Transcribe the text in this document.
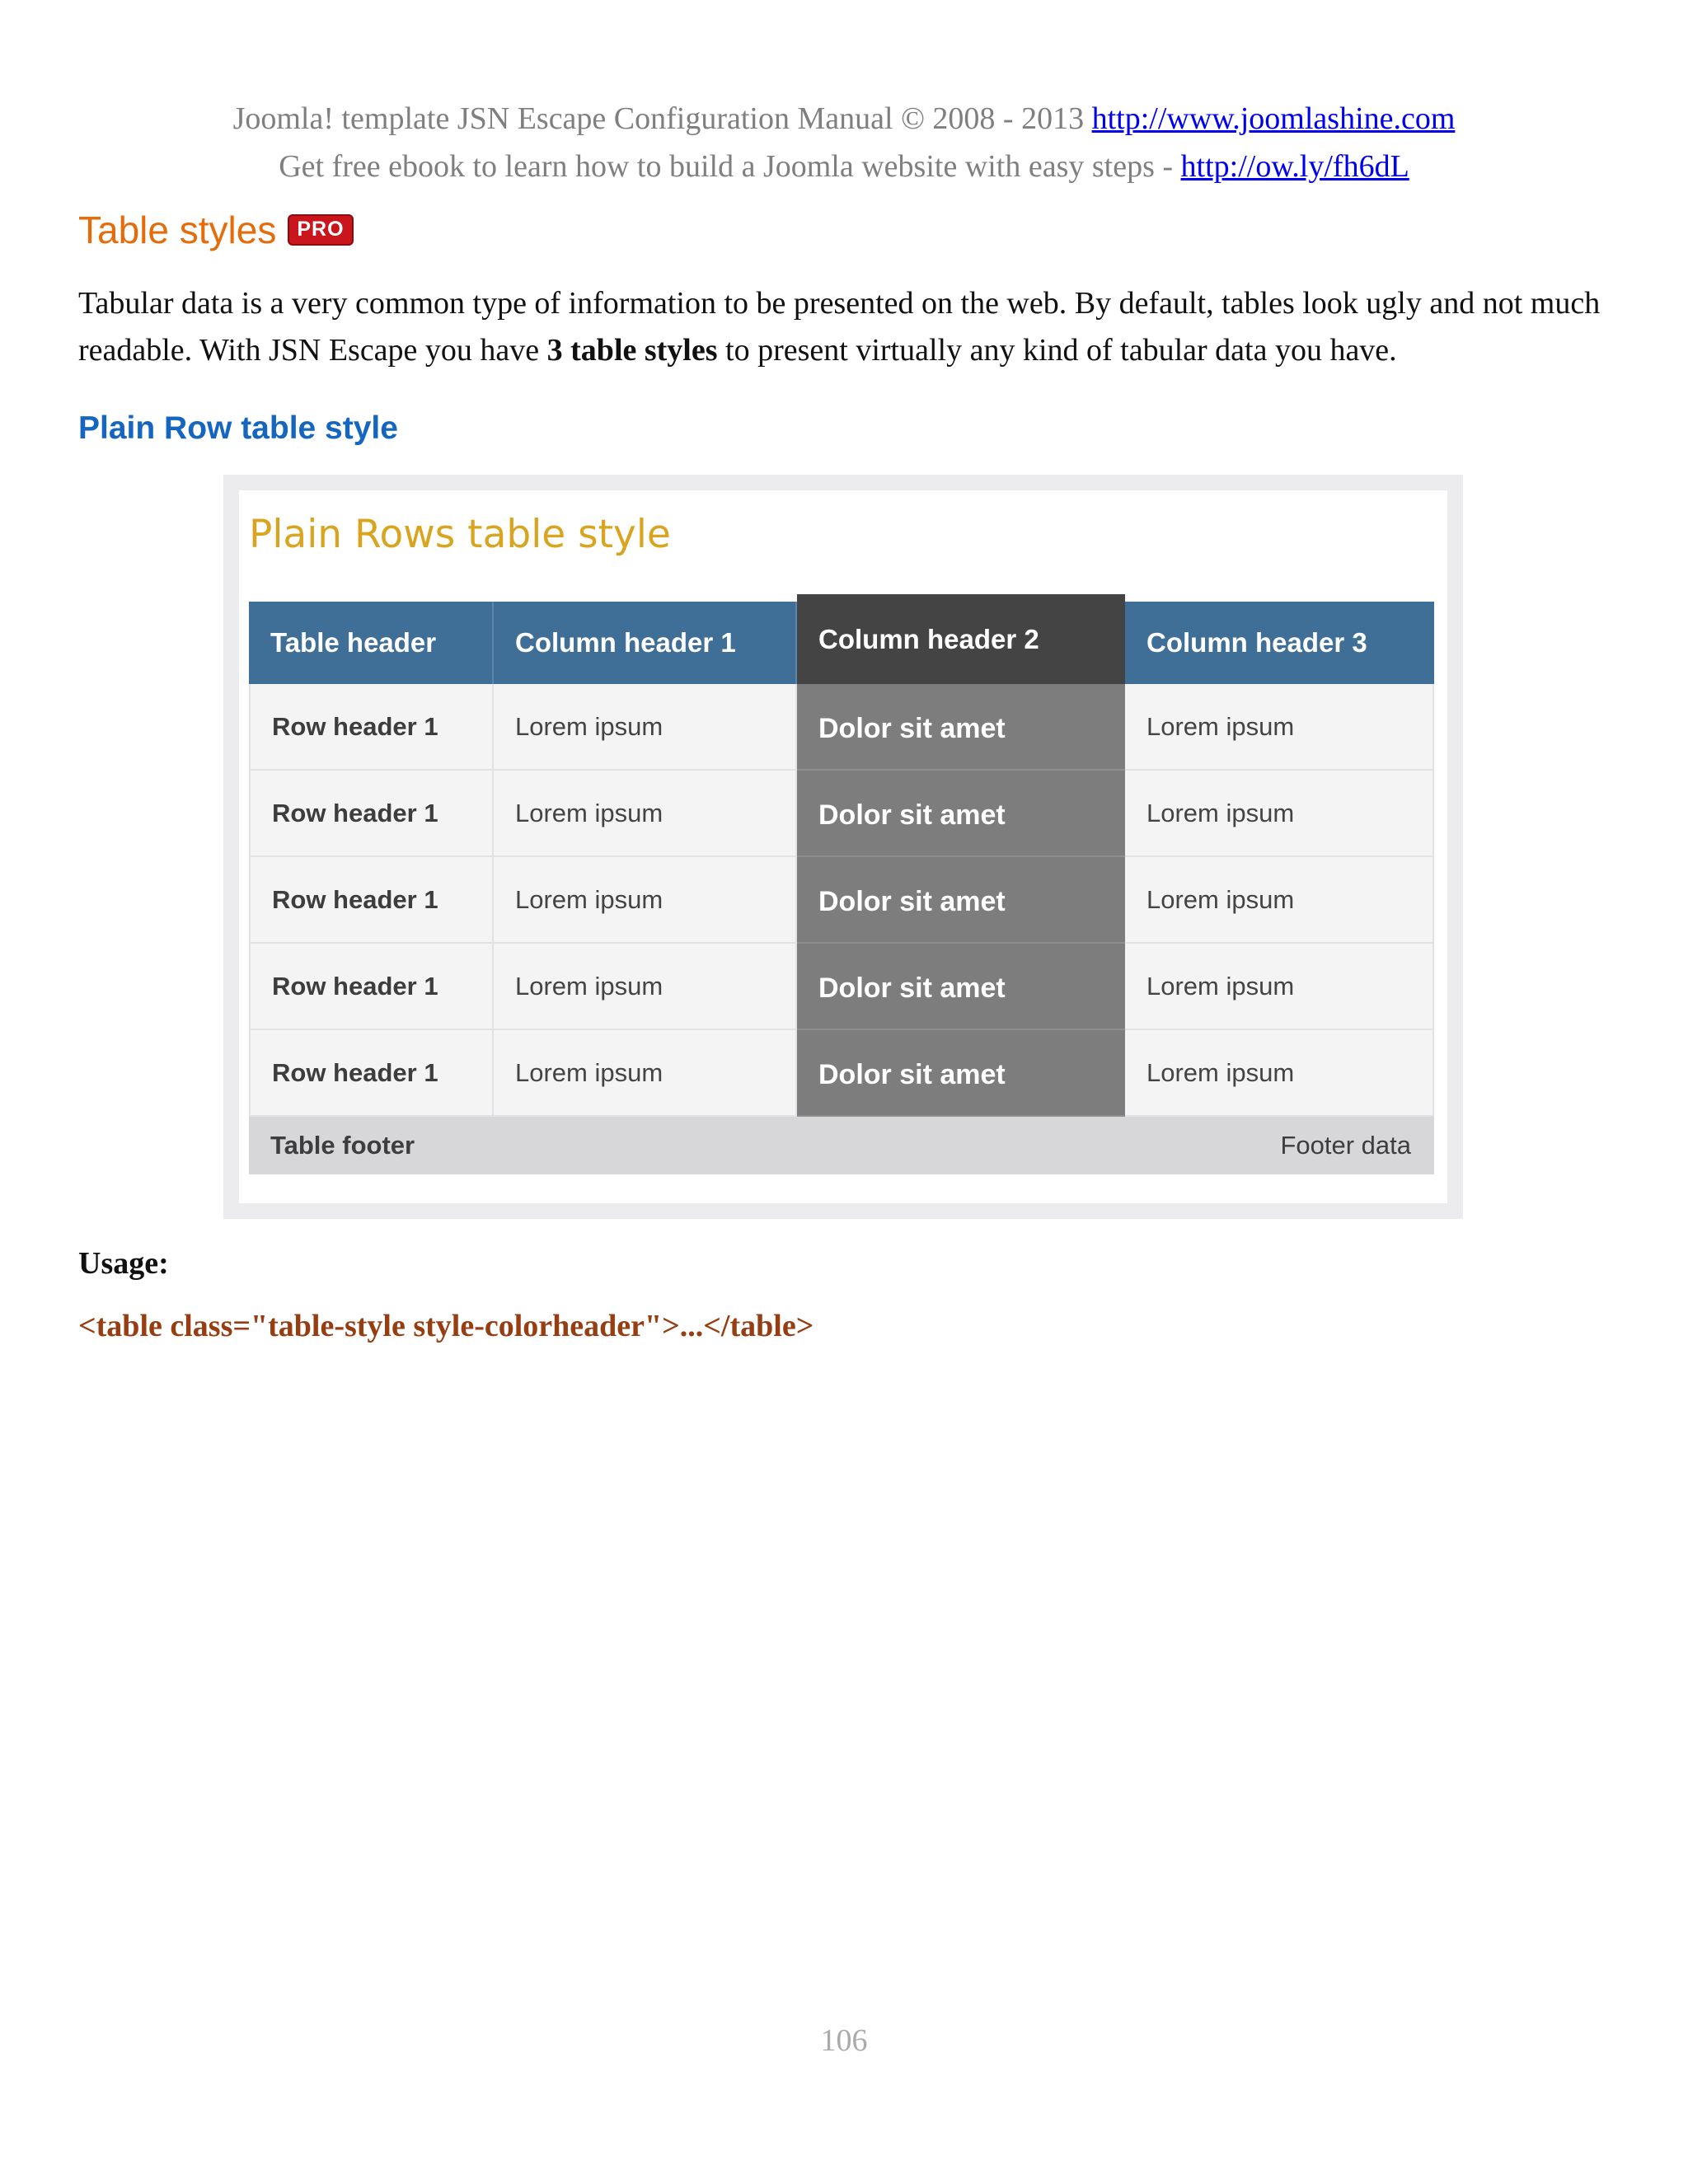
Joomla! template JSN Escape Configuration Manual © 2008 - 2013 http://www.joomlashine.com
Get free ebook to learn how to build a Joomla website with easy steps - http://ow.ly/fh6dL
Table styles	PRO

Tabular data is a very common type of information to be presented on the web. By default, tables look ugly and not much readable. With JSN Escape you have 3 table styles to present virtually any kind of tabular data you have.

Plain Row table style
Plain Rows table style
Table header	Column header 1	Column header 2	Column header 3
Row header 1	Lorem ipsum	Dolor sit amet	Lorem ipsum
Row header 1	Lorem ipsum	Dolor sit amet	Lorem ipsum
Row header 1	Lorem ipsum	Dolor sit amet	Lorem ipsum
Row header 1	Lorem ipsum	Dolor sit amet	Lorem ipsum
Row header 1	Lorem ipsum	Dolor sit amet	Lorem ipsum
Table footer	Footer data
Usage:
<table class="table-style style-colorheader">...</table>
106
